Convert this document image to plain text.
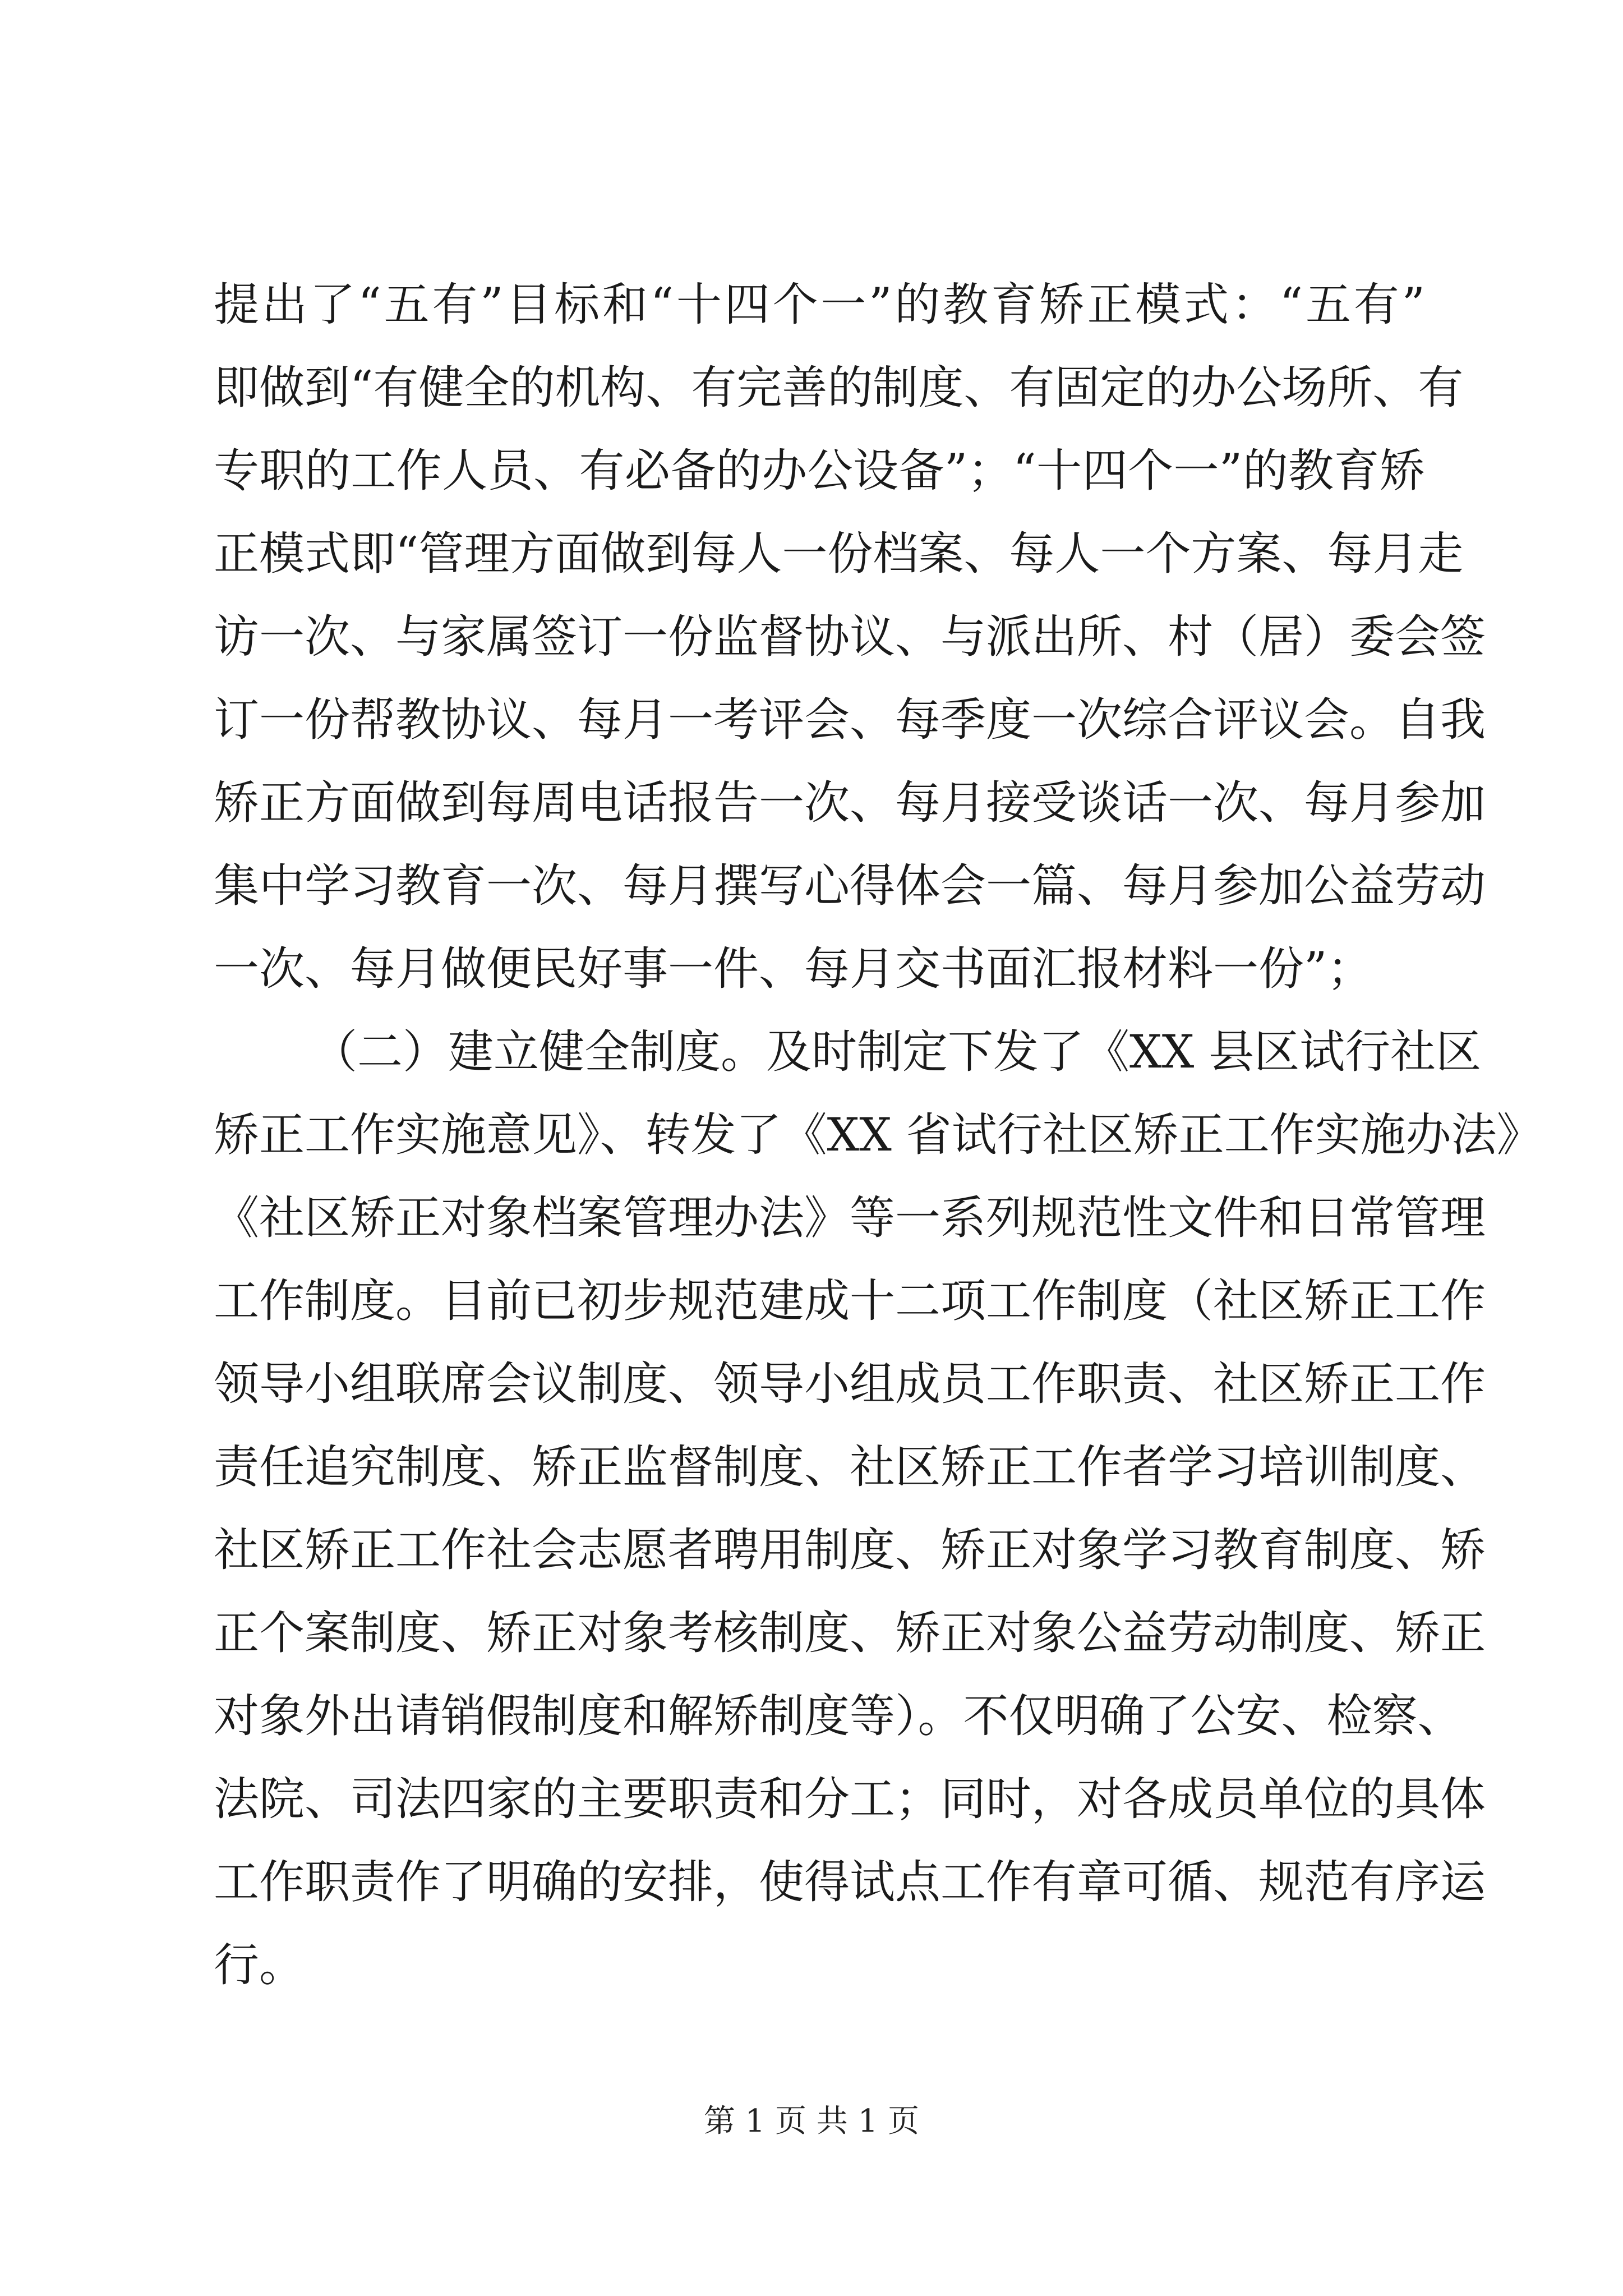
提出了“五有”目标和“十四个一”的教育矫正模式：“五有”
即做到“有健全的机构、有完善的制度、有固定的办公场所、有
专职的工作人员、有必备的办公设备”；“十四个一”的教育矫
正模式即“管理方面做到每人一份档案、每人一个方案、每月走
访一次、与家属签订一份监督协议、与派出所、村（居）委会签
订一份帮教协议、每月一考评会、每季度一次综合评议会。自我
矫正方面做到每周电话报告一次、每月接受谈话一次、每月参加
集中学习教育一次、每月撰写心得体会一篇、每月参加公益劳动
一次、每月做便民好事一件、每月交书面汇报材料一份”；
（二）建立健全制度。及时制定下发了《XX 县区试行社区
矫正工作实施意见》、转发了《XX 省试行社区矫正工作实施办法》
《社区矫正对象档案管理办法》等一系列规范性文件和日常管理
工作制度。目前已初步规范建成十二项工作制度（社区矫正工作
领导小组联席会议制度、领导小组成员工作职责、社区矫正工作
责任追究制度、矫正监督制度、社区矫正工作者学习培训制度、
社区矫正工作社会志愿者聘用制度、矫正对象学习教育制度、矫
正个案制度、矫正对象考核制度、矫正对象公益劳动制度、矫正
对象外出请销假制度和解矫制度等）。不仅明确了公安、检察、
法院、司法四家的主要职责和分工；同时，对各成员单位的具体
工作职责作了明确的安排，使得试点工作有章可循、规范有序运
行。
第 1 页 共 1 页
